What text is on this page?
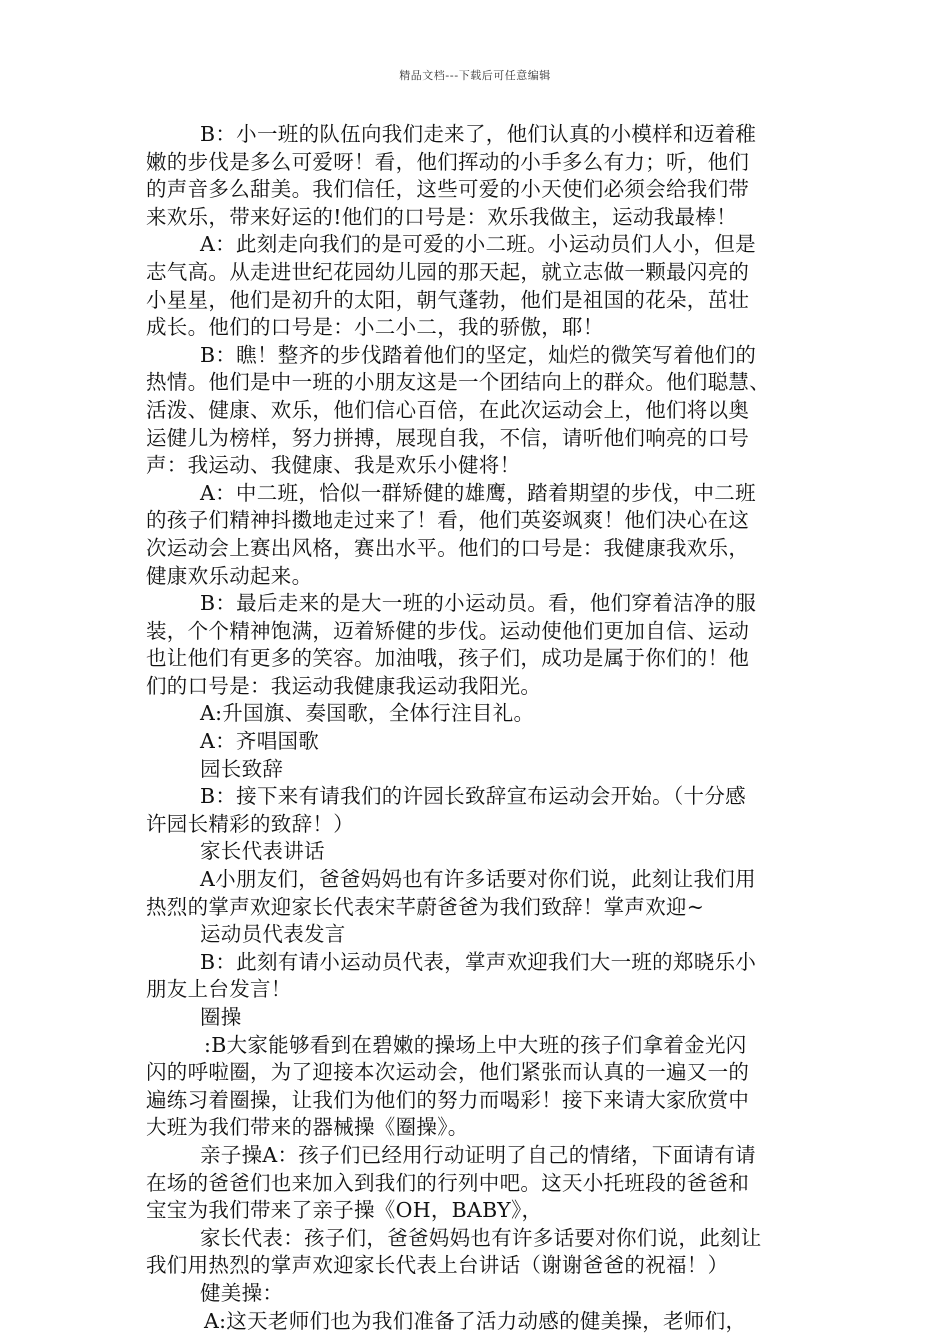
精品文档---下载后可任意编辑
B：小一班的队伍向我们走来了，他们认真的小模样和迈着稚
嫩的步伐是多么可爱呀！看，他们挥动的小手多么有力；听，他们
的声音多么甜美。我们信任，这些可爱的小天使们必须会给我们带
来欢乐，带来好运的!他们的口号是：欢乐我做主，运动我最棒！
A：此刻走向我们的是可爱的小二班。小运动员们人小，但是
志气高。从走进世纪花园幼儿园的那天起，就立志做一颗最闪亮的
小星星，他们是初升的太阳，朝气蓬勃，他们是祖国的花朵，茁壮
成长。他们的口号是：小二小二，我的骄傲，耶！
B：瞧！整齐的步伐踏着他们的坚定，灿烂的微笑写着他们的
热情。他们是中一班的小朋友这是一个团结向上的群众。他们聪慧、
活泼、健康、欢乐，他们信心百倍，在此次运动会上，他们将以奥
运健儿为榜样，努力拼搏，展现自我，不信，请听他们响亮的口号
声：我运动、我健康、我是欢乐小健将！
A：中二班，恰似一群矫健的雄鹰，踏着期望的步伐，中二班
的孩子们精神抖擞地走过来了！看，他们英姿飒爽！他们决心在这
次运动会上赛出风格，赛出水平。他们的口号是：我健康我欢乐，
健康欢乐动起来。
B：最后走来的是大一班的小运动员。看，他们穿着洁净的服
装，个个精神饱满，迈着矫健的步伐。运动使他们更加自信、运动
也让他们有更多的笑容。加油哦，孩子们，成功是属于你们的！他
们的口号是：我运动我健康我运动我阳光。
A:升国旗、奏国歌，全体行注目礼。
A：齐唱国歌
园长致辞
B：接下来有请我们的许园长致辞宣布运动会开始。（十分感
许园长精彩的致辞！）
家长代表讲话
A小朋友们，爸爸妈妈也有许多话要对你们说，此刻让我们用
热烈的掌声欢迎家长代表宋芊蔚爸爸为我们致辞！掌声欢迎~
运动员代表发言
B：此刻有请小运动员代表，掌声欢迎我们大一班的郑晓乐小
朋友上台发言！
圈操
:B大家能够看到在碧嫩的操场上中大班的孩子们拿着金光闪
闪的呼啦圈，为了迎接本次运动会，他们紧张而认真的一遍又一的
遍练习着圈操，让我们为他们的努力而喝彩！接下来请大家欣赏中
大班为我们带来的器械操《圈操》。
亲子操A：孩子们已经用行动证明了自己的情绪，下面请有请
在场的爸爸们也来加入到我们的行列中吧。这天小托班段的爸爸和
宝宝为我们带来了亲子操《OH，BABY》，
家长代表：孩子们，爸爸妈妈也有许多话要对你们说，此刻让
我们用热烈的掌声欢迎家长代表上台讲话（谢谢爸爸的祝福！）
健美操：
A:这天老师们也为我们准备了活力动感的健美操，老师们，
